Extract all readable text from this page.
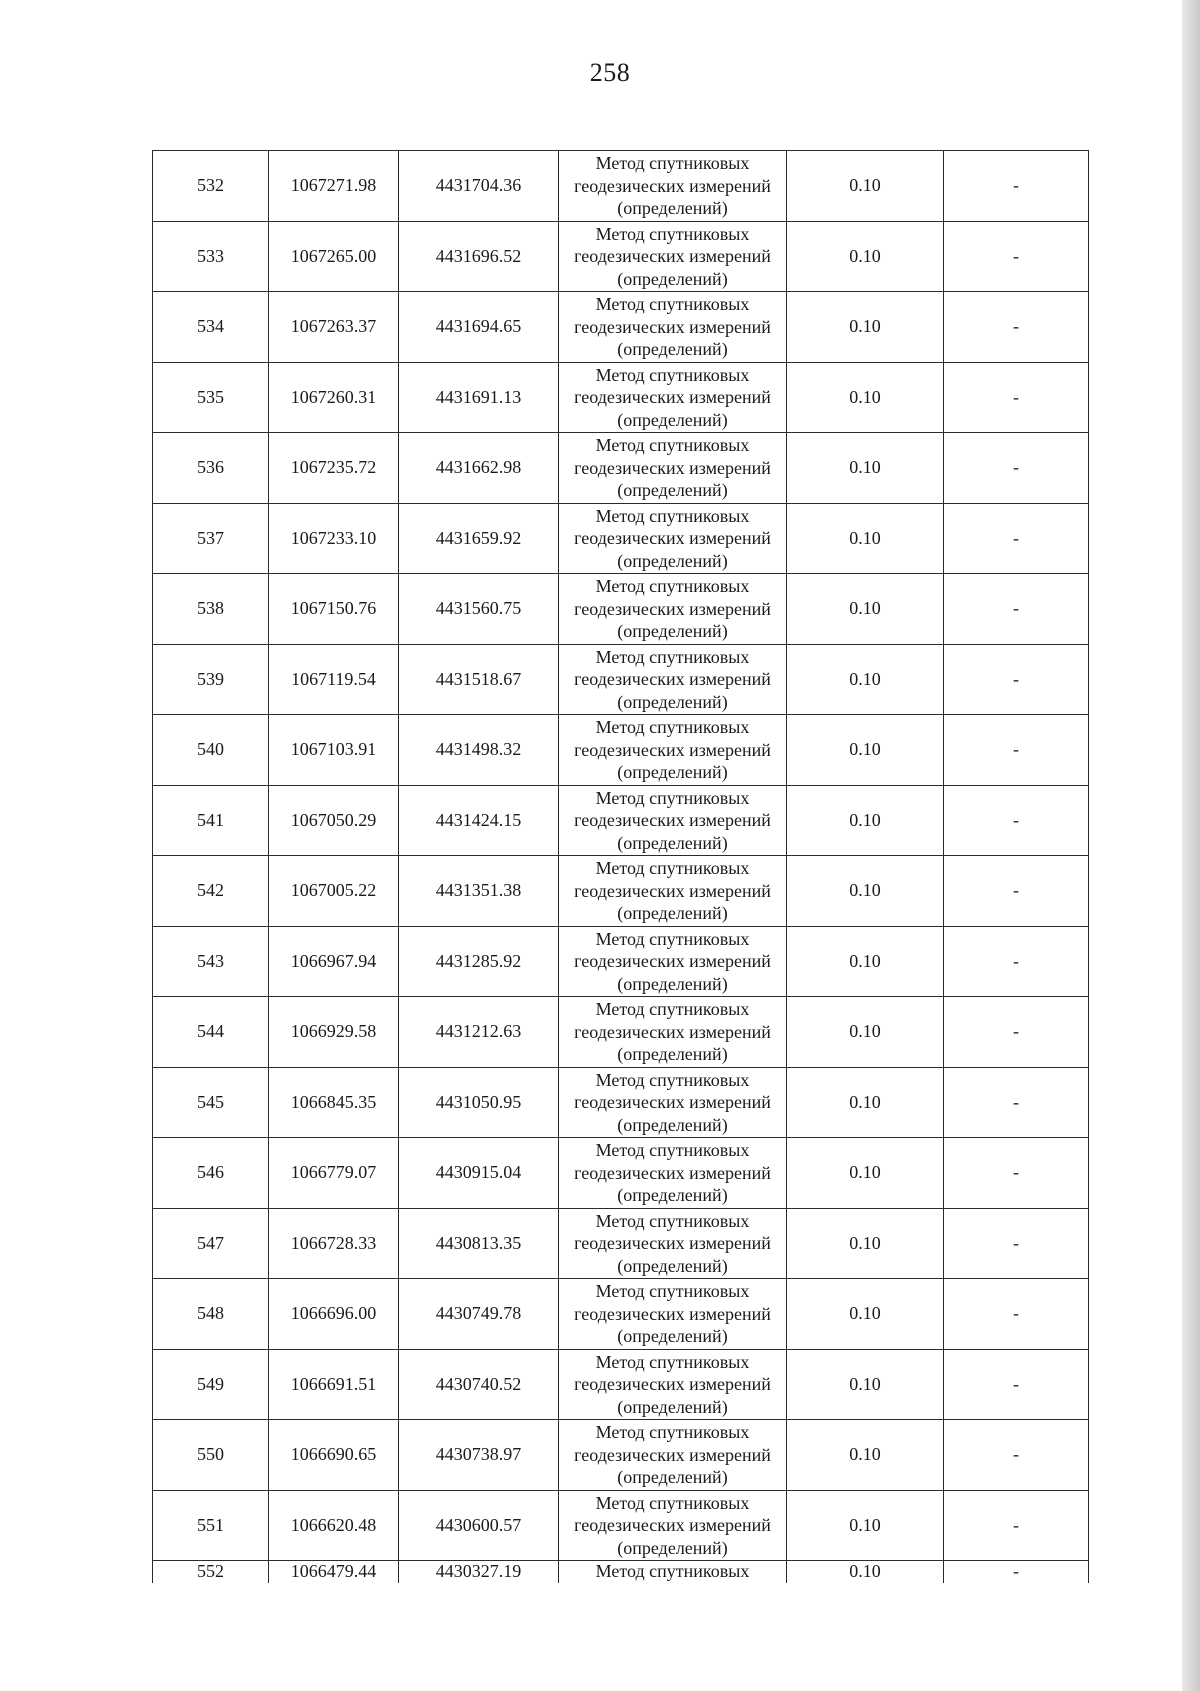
258
532	1067271.98	4431704.36	Метод спутниковых
геодезических измерений
(определений)	0.10	-
533	1067265.00	4431696.52	Метод спутниковых
геодезических измерений
(определений)	0.10	-
534	1067263.37	4431694.65	Метод спутниковых
геодезических измерений
(определений)	0.10	-
535	1067260.31	4431691.13	Метод спутниковых
геодезических измерений
(определений)	0.10	-
536	1067235.72	4431662.98	Метод спутниковых
геодезических измерений
(определений)	0.10	-
537	1067233.10	4431659.92	Метод спутниковых
геодезических измерений
(определений)	0.10	-
538	1067150.76	4431560.75	Метод спутниковых
геодезических измерений
(определений)	0.10	-
539	1067119.54	4431518.67	Метод спутниковых
геодезических измерений
(определений)	0.10	-
540	1067103.91	4431498.32	Метод спутниковых
геодезических измерений
(определений)	0.10	-
541	1067050.29	4431424.15	Метод спутниковых
геодезических измерений
(определений)	0.10	-
542	1067005.22	4431351.38	Метод спутниковых
геодезических измерений
(определений)	0.10	-
543	1066967.94	4431285.92	Метод спутниковых
геодезических измерений
(определений)	0.10	-
544	1066929.58	4431212.63	Метод спутниковых
геодезических измерений
(определений)	0.10	-
545	1066845.35	4431050.95	Метод спутниковых
геодезических измерений
(определений)	0.10	-
546	1066779.07	4430915.04	Метод спутниковых
геодезических измерений
(определений)	0.10	-
547	1066728.33	4430813.35	Метод спутниковых
геодезических измерений
(определений)	0.10	-
548	1066696.00	4430749.78	Метод спутниковых
геодезических измерений
(определений)	0.10	-
549	1066691.51	4430740.52	Метод спутниковых
геодезических измерений
(определений)	0.10	-
550	1066690.65	4430738.97	Метод спутниковых
геодезических измерений
(определений)	0.10	-
551	1066620.48	4430600.57	Метод спутниковых
геодезических измерений
(определений)	0.10	-
552	1066479.44	4430327.19	Метод спутниковых	0.10	-
